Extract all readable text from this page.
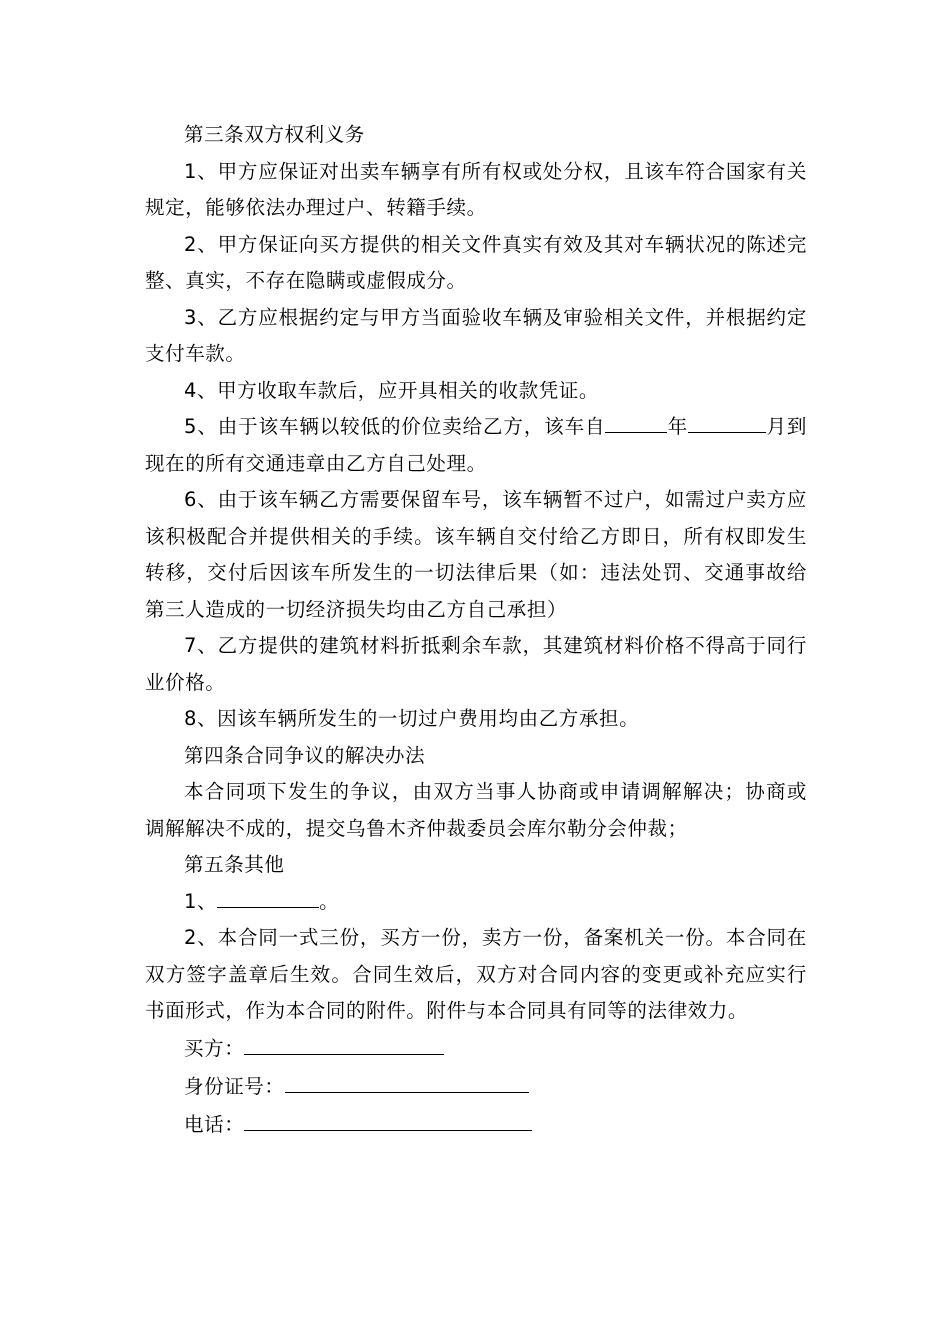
第三条双方权利义务

1、甲方应保证对出卖车辆享有所有权或处分权，且该车符合国家有关规定，能够依法办理过户、转籍手续。

2、甲方保证向买方提供的相关文件真实有效及其对车辆状况的陈述完整、真实，不存在隐瞒或虚假成分。

3、乙方应根据约定与甲方当面验收车辆及审验相关文件，并根据约定支付车款。

4、甲方收取车款后，应开具相关的收款凭证。

5、由于该车辆以较低的价位卖给乙方，该车自	年	月到现在的所有交通违章由乙方自己处理。

6、由于该车辆乙方需要保留车号，该车辆暂不过户，如需过户卖方应该积极配合并提供相关的手续。该车辆自交付给乙方即日，所有权即发生转移，交付后因该车所发生的一切法律后果（如：违法处罚、交通事故给第三人造成的一切经济损失均由乙方自己承担）

7、乙方提供的建筑材料折抵剩余车款，其建筑材料价格不得高于同行业价格。

8、因该车辆所发生的一切过户费用均由乙方承担。

第四条合同争议的解决办法

本合同项下发生的争议，由双方当事人协商或申请调解解决；协商或调解解决不成的，提交乌鲁木齐仲裁委员会库尔勒分会仲裁；

第五条其他

1、	。

2、本合同一式三份，买方一份，卖方一份，备案机关一份。本合同在双方签字盖章后生效。合同生效后，双方对合同内容的变更或补充应实行书面形式，作为本合同的附件。附件与本合同具有同等的法律效力。

买方：

身份证号：

电话：
